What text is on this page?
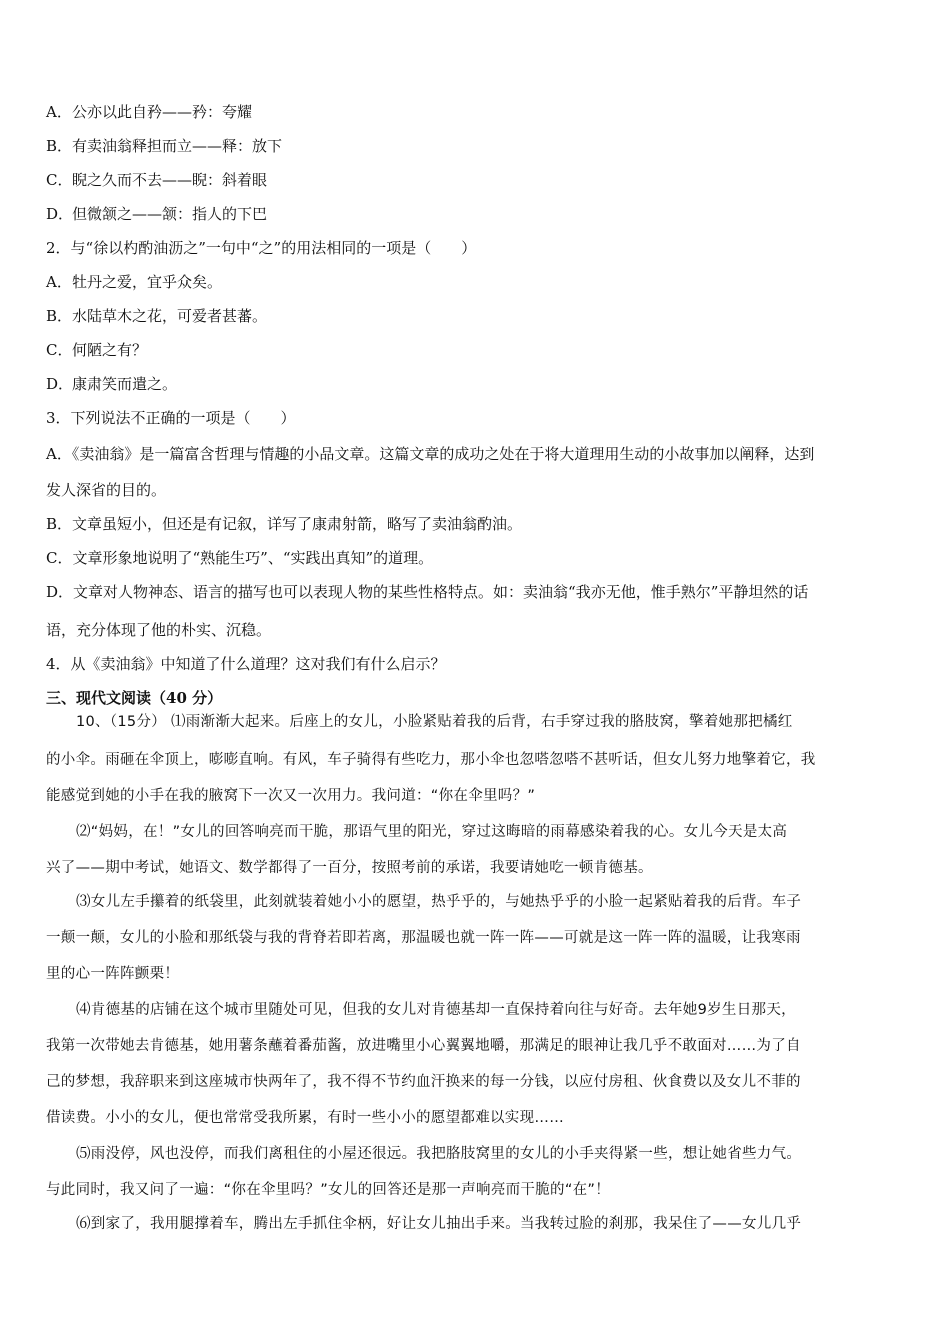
A．公亦以此自矜——矜：夸耀
B．有卖油翁释担而立——释：放下
C．睨之久而不去——睨：斜着眼
D．但微颔之——颔：指人的下巴
2．与“徐以杓酌油沥之”一句中“之”的用法相同的一项是（　　）
A．牡丹之爱，宜乎众矣。
B．水陆草木之花，可爱者甚蕃。
C．何陋之有？
D．康肃笑而遣之。
3．下列说法不正确的一项是（　　）
A．《卖油翁》是一篇富含哲理与情趣的小品文章。这篇文章的成功之处在于将大道理用生动的小故事加以阐释，达到
发人深省的目的。
B．文章虽短小，但还是有记叙，详写了康肃射箭，略写了卖油翁酌油。
C．文章形象地说明了“熟能生巧”、“实践出真知”的道理。
D．文章对人物神态、语言的描写也可以表现人物的某些性格特点。如：卖油翁“我亦无他，惟手熟尔”平静坦然的话
语，充分体现了他的朴实、沉稳。
4．从《卖油翁》中知道了什么道理？这对我们有什么启示？
三、现代文阅读（40 分）
10、（15分） ⑴雨渐渐大起来。后座上的女儿，小脸紧贴着我的后背，右手穿过我的胳肢窝，擎着她那把橘红
的小伞。雨砸在伞顶上，嘭嘭直响。有风，车子骑得有些吃力，那小伞也忽嗒忽嗒不甚听话，但女儿努力地擎着它，我
能感觉到她的小手在我的腋窝下一次又一次用力。我问道：“你在伞里吗？”
⑵“妈妈，在！”女儿的回答响亮而干脆，那语气里的阳光，穿过这晦暗的雨幕感染着我的心。女儿今天是太高
兴了——期中考试，她语文、数学都得了一百分，按照考前的承诺，我要请她吃一顿肯德基。
⑶女儿左手攥着的纸袋里，此刻就装着她小小的愿望，热乎乎的，与她热乎乎的小脸一起紧贴着我的后背。车子
一颠一颠，女儿的小脸和那纸袋与我的背脊若即若离，那温暖也就一阵一阵——可就是这一阵一阵的温暖，让我寒雨
里的心一阵阵颤栗！
⑷肯德基的店铺在这个城市里随处可见，但我的女儿对肯德基却一直保持着向往与好奇。去年她9岁生日那天，
我第一次带她去肯德基，她用薯条蘸着番茄酱，放进嘴里小心翼翼地嚼，那满足的眼神让我几乎不敢面对……为了自
己的梦想，我辞职来到这座城市快两年了，我不得不节约血汗换来的每一分钱，以应付房租、伙食费以及女儿不菲的
借读费。小小的女儿，便也常常受我所累，有时一些小小的愿望都难以实现……
⑸雨没停，风也没停，而我们离租住的小屋还很远。我把胳肢窝里的女儿的小手夹得紧一些，想让她省些力气。
与此同时，我又问了一遍：“你在伞里吗？”女儿的回答还是那一声响亮而干脆的“在”！
⑹到家了，我用腿撑着车，腾出左手抓住伞柄，好让女儿抽出手来。当我转过脸的刹那，我呆住了——女儿几乎
